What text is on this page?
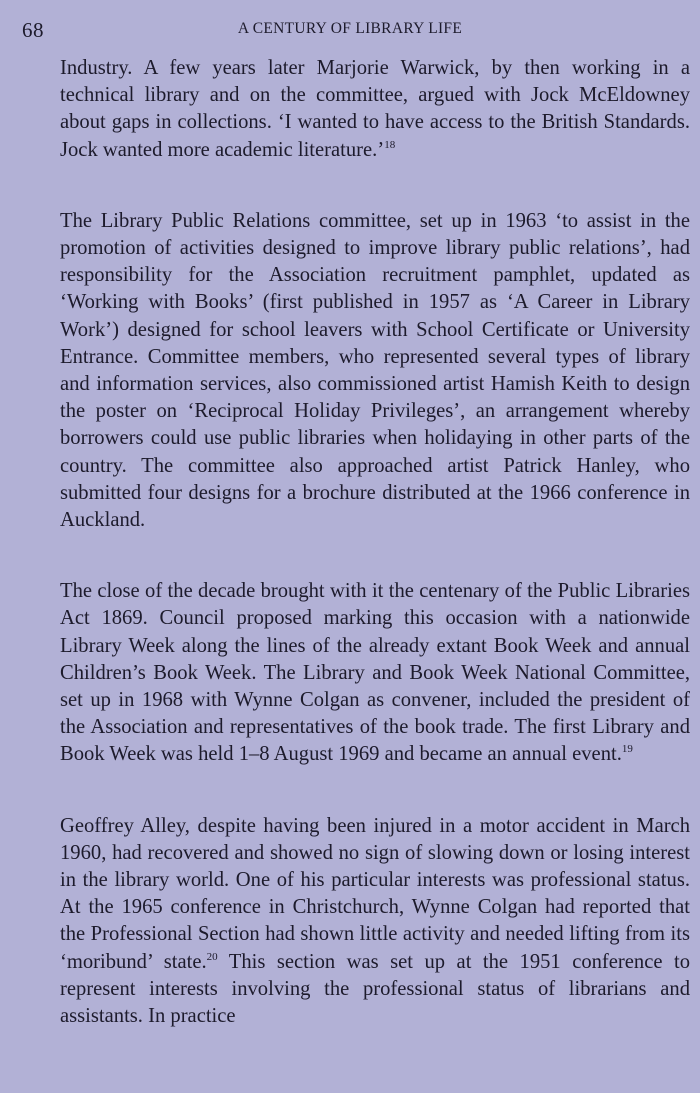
68	A CENTURY OF LIBRARY LIFE

Industry. A few years later Marjorie Warwick, by then working in a technical library and on the committee, argued with Jock McEldowney about gaps in collections. ‘I wanted to have access to the British Standards. Jock wanted more academic literature.’$^{18}$

The Library Public Relations committee, set up in 1963 ‘to assist in the promotion of activities designed to improve library public relations’, had responsibility for the Association recruitment pamphlet, updated as ‘Working with Books’ (first published in 1957 as ‘A Career in Library Work’) designed for school leavers with School Certificate or University Entrance. Committee members, who represented several types of library and information services, also commissioned artist Hamish Keith to design the poster on ‘Reciprocal Holiday Privileges’, an arrangement whereby borrowers could use public libraries when holidaying in other parts of the country. The committee also approached artist Patrick Hanley, who submitted four designs for a brochure distributed at the 1966 conference in Auckland.

The close of the decade brought with it the centenary of the Public Libraries Act 1869. Council proposed marking this occasion with a nationwide Library Week along the lines of the already extant Book Week and annual Children’s Book Week. The Library and Book Week National Committee, set up in 1968 with Wynne Colgan as convener, included the president of the Association and representatives of the book trade. The first Library and Book Week was held 1–8 August 1969 and became an annual event.$^{19}$

Geoffrey Alley, despite having been injured in a motor accident in March 1960, had recovered and showed no sign of slowing down or losing interest in the library world. One of his particular interests was professional status. At the 1965 conference in Christchurch, Wynne Colgan had reported that the Professional Section had shown little activity and needed lifting from its ‘moribund’ state.$^{20}$ This section was set up at the 1951 conference to represent interests involving the professional status of librarians and assistants. In practice
